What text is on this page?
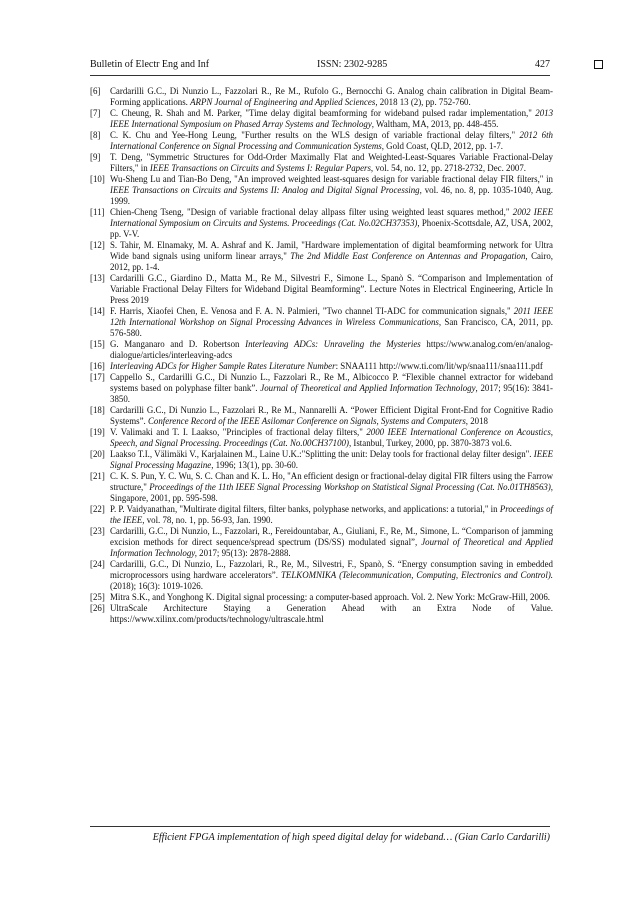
Bulletin of Electr Eng and Inf	ISSN: 2302-9285	427
[6] Cardarilli G.C., Di Nunzio L., Fazzolari R., Re M., Rufolo G., Bernocchi G. Analog chain calibration in Digital Beam-Forming applications. ARPN Journal of Engineering and Applied Sciences, 2018 13 (2), pp. 752-760.
[7] C. Cheung, R. Shah and M. Parker, "Time delay digital beamforming for wideband pulsed radar implementation," 2013 IEEE International Symposium on Phased Array Systems and Technology, Waltham, MA, 2013, pp. 448-455.
[8] C. K. Chu and Yee-Hong Leung, "Further results on the WLS design of variable fractional delay filters," 2012 6th International Conference on Signal Processing and Communication Systems, Gold Coast, QLD, 2012, pp. 1-7.
[9] T. Deng, "Symmetric Structures for Odd-Order Maximally Flat and Weighted-Least-Squares Variable Fractional-Delay Filters," in IEEE Transactions on Circuits and Systems I: Regular Papers, vol. 54, no. 12, pp. 2718-2732, Dec. 2007.
[10] Wu-Sheng Lu and Tian-Bo Deng, "An improved weighted least-squares design for variable fractional delay FIR filters," in IEEE Transactions on Circuits and Systems II: Analog and Digital Signal Processing, vol. 46, no. 8, pp. 1035-1040, Aug. 1999.
[11] Chien-Cheng Tseng, "Design of variable fractional delay allpass filter using weighted least squares method," 2002 IEEE International Symposium on Circuits and Systems. Proceedings (Cat. No.02CH37353), Phoenix-Scottsdale, AZ, USA, 2002, pp. V-V.
[12] S. Tahir, M. Elnamaky, M. A. Ashraf and K. Jamil, "Hardware implementation of digital beamforming network for Ultra Wide band signals using uniform linear arrays," The 2nd Middle East Conference on Antennas and Propagation, Cairo, 2012, pp. 1-4.
[13] Cardarilli G.C., Giardino D., Matta M., Re M., Silvestri F., Simone L., Spanò S. “Comparison and Implementation of Variable Fractional Delay Filters for Wideband Digital Beamforming”. Lecture Notes in Electrical Engineering, Article In Press 2019
[14] F. Harris, Xiaofei Chen, E. Venosa and F. A. N. Palmieri, "Two channel TI-ADC for communication signals," 2011 IEEE 12th International Workshop on Signal Processing Advances in Wireless Communications, San Francisco, CA, 2011, pp. 576-580.
[15] G. Manganaro and D. Robertson Interleaving ADCs: Unraveling the Mysteries https://www.analog.com/en/analog-dialogue/articles/interleaving-adcs
[16] Interleaving ADCs for Higher Sample Rates Literature Number: SNAA111 http://www.ti.com/lit/wp/snaa111/snaa111.pdf
[17] Cappello S., Cardarilli G.C., Di Nunzio L., Fazzolari R., Re M., Albicocco P. “Flexible channel extractor for wideband systems based on polyphase filter bank”. Journal of Theoretical and Applied Information Technology, 2017; 95(16): 3841-3850.
[18] Cardarilli G.C., Di Nunzio L., Fazzolari R., Re M., Nannarelli A. “Power Efficient Digital Front-End for Cognitive Radio Systems”. Conference Record of the IEEE Asilomar Conference on Signals, Systems and Computers, 2018
[19] V. Valimaki and T. I. Laakso, "Principles of fractional delay filters," 2000 IEEE International Conference on Acoustics, Speech, and Signal Processing. Proceedings (Cat. No.00CH37100), Istanbul, Turkey, 2000, pp. 3870-3873 vol.6.
[20] Laakso T.I., Välimäki V., Karjalainen M., Laine U.K.:"Splitting the unit: Delay tools for fractional delay filter design". IEEE Signal Processing Magazine, 1996; 13(1), pp. 30-60.
[21] C. K. S. Pun, Y. C. Wu, S. C. Chan and K. L. Ho, "An efficient design or fractional-delay digital FIR filters using the Farrow structure," Proceedings of the 11th IEEE Signal Processing Workshop on Statistical Signal Processing (Cat. No.01TH8563), Singapore, 2001, pp. 595-598.
[22] P. P. Vaidyanathan, "Multirate digital filters, filter banks, polyphase networks, and applications: a tutorial," in Proceedings of the IEEE, vol. 78, no. 1, pp. 56-93, Jan. 1990.
[23] Cardarilli, G.C., Di Nunzio, L., Fazzolari, R., Fereidountabar, A., Giuliani, F., Re, M., Simone, L. “Comparison of jamming excision methods for direct sequence/spread spectrum (DS/SS) modulated signal”, Journal of Theoretical and Applied Information Technology, 2017; 95(13): 2878-2888.
[24] Cardarilli, G.C., Di Nunzio, L., Fazzolari, R., Re, M., Silvestri, F., Spanò, S. “Energy consumption saving in embedded microprocessors using hardware accelerators”. TELKOMNIKA (Telecommunication, Computing, Electronics and Control). (2018); 16(3): 1019-1026.
[25] Mitra S.K., and Yonghong K. Digital signal processing: a computer-based approach. Vol. 2. New York: McGraw-Hill, 2006.
[26] UltraScale Architecture Staying a Generation Ahead with an Extra Node of Value. https://www.xilinx.com/products/technology/ultrascale.html
Efficient FPGA implementation of high speed digital delay for wideband… (Gian Carlo Cardarilli)
